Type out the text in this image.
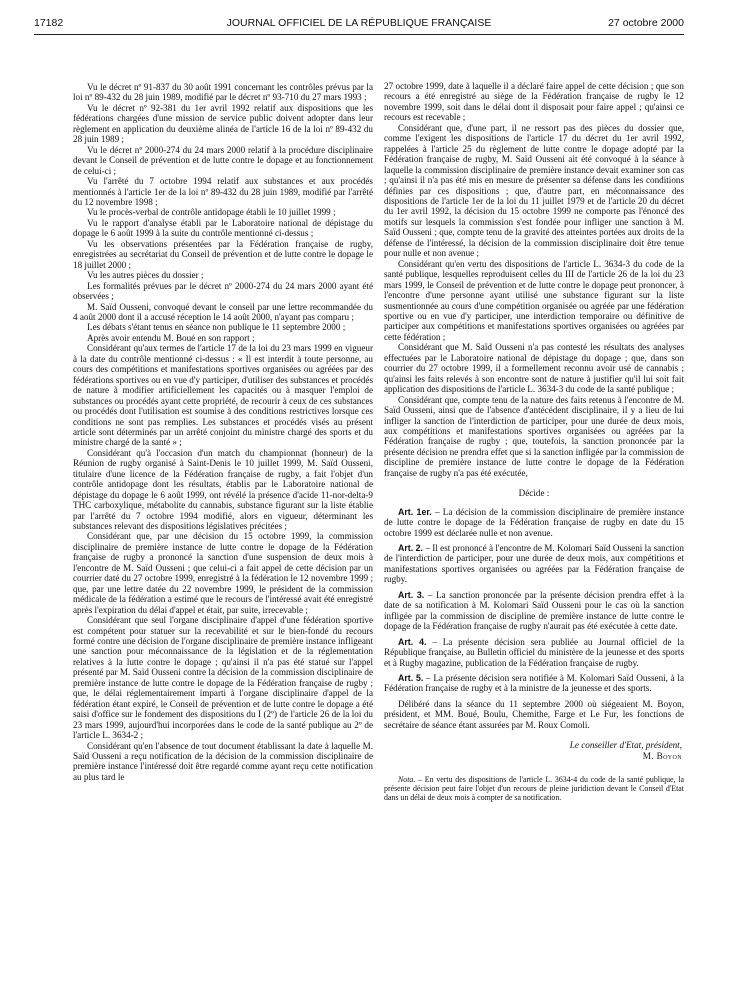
17182	JOURNAL OFFICIEL DE LA RÉPUBLIQUE FRANÇAISE	27 octobre 2000

Vu le décret nº 91-837 du 30 août 1991 concernant les contrôles prévus par la loi nº 89-432 du 28 juin 1989, modifié par le décret nº 93-710 du 27 mars 1993 ;

Vu le décret nº 92-381 du 1er avril 1992 relatif aux dispositions que les fédérations chargées d'une mission de service public doivent adopter dans leur règlement en application du deuxième alinéa de l'article 16 de la loi nº 89-432 du 28 juin 1989 ;

Vu le décret nº 2000-274 du 24 mars 2000 relatif à la procédure disciplinaire devant le Conseil de prévention et de lutte contre le dopage et au fonctionnement de celui-ci ;

Vu l'arrêté du 7 octobre 1994 relatif aux substances et aux procédés mentionnés à l'article 1er de la loi nº 89-432 du 28 juin 1989, modifié par l'arrêté du 12 novembre 1998 ;

Vu le procès-verbal de contrôle antidopage établi le 10 juillet 1999 ;

Vu le rapport d'analyse établi par le Laboratoire national de dépistage du dopage le 6 août 1999 à la suite du contrôle mentionné ci-dessus ;

Vu les observations présentées par la Fédération française de rugby, enregistrées au secrétariat du Conseil de prévention et de lutte contre le dopage le 18 juillet 2000 ;

Vu les autres pièces du dossier ;

Les formalités prévues par le décret nº 2000-274 du 24 mars 2000 ayant été observées ;

M. Saïd Ousseni, convoqué devant le conseil par une lettre recommandée du 4 août 2000 dont il a accusé réception le 14 août 2000, n'ayant pas comparu ;

Les débats s'étant tenus en séance non publique le 11 septembre 2000 ;

Après avoir entendu M. Boué en son rapport ;

Considérant qu'aux termes de l'article 17 de la loi du 23 mars 1999 en vigueur à la date du contrôle mentionné ci-dessus : « Il est interdit à toute personne, au cours des compétitions et manifestations sportives organisées ou agréées par des fédérations sportives ou en vue d'y participer, d'utiliser des substances et procédés de nature à modifier artificiellement les capacités ou à masquer l'emploi de substances ou procédés ayant cette propriété, de recourir à ceux de ces substances ou procédés dont l'utilisation est soumise à des conditions restrictives lorsque ces conditions ne sont pas remplies. Les substances et procédés visés au présent article sont déterminés par un arrêté conjoint du ministre chargé des sports et du ministre chargé de la santé » ;

Considérant qu'à l'occasion d'un match du championnat (honneur) de la Réunion de rugby organisé à Saint-Denis le 10 juillet 1999, M. Saïd Ousseni, titulaire d'une licence de la Fédération française de rugby, a fait l'objet d'un contrôle antidopage dont les résultats, établis par le Laboratoire national de dépistage du dopage le 6 août 1999, ont révélé la présence d'acide 11-nor-delta-9 THC carboxylique, métabolite du cannabis, substance figurant sur la liste établie par l'arrêté du 7 octobre 1994 modifié, alors en vigueur, déterminant les substances relevant des dispositions législatives précitées ;

Considérant que, par une décision du 15 octobre 1999, la commission disciplinaire de première instance de lutte contre le dopage de la Fédération française de rugby a prononcé la sanction d'une suspension de deux mois à l'encontre de M. Saïd Ousseni ; que celui-ci a fait appel de cette décision par un courrier daté du 27 octobre 1999, enregistré à la fédération le 12 novembre 1999 ; que, par une lettre datée du 22 novembre 1999, le président de la commission médicale de la fédération a estimé que le recours de l'intéressé avait été enregistré après l'expiration du délai d'appel et était, par suite, irrecevable ;

Considérant que seul l'organe disciplinaire d'appel d'une fédération sportive est compétent pour statuer sur la recevabilité et sur le bien-fondé du recours formé contre une décision de l'organe disciplinaire de première instance infligeant une sanction pour méconnaissance de la législation et de la réglementation relatives à la lutte contre le dopage ; qu'ainsi il n'a pas été statué sur l'appel présenté par M. Saïd Ousseni contre la décision de la commission disciplinaire de première instance de lutte contre le dopage de la Fédération française de rugby ; que, le délai réglementairement imparti à l'organe disciplinaire d'appel de la fédération étant expiré, le Conseil de prévention et de lutte contre le dopage a été saisi d'office sur le fondement des dispositions du I (2º) de l'article 26 de la loi du 23 mars 1999, aujourd'hui incorporées dans le code de la santé publique au 2º de l'article L. 3634-2 ;

Considérant qu'en l'absence de tout document établissant la date à laquelle M. Saïd Ousseni a reçu notification de la décision de la commission disciplinaire de première instance l'intéressé doit être regardé comme ayant reçu cette notification au plus tard le

27 octobre 1999, date à laquelle il a déclaré faire appel de cette décision ; que son recours a été enregistré au siège de la Fédération française de rugby le 12 novembre 1999, soit dans le délai dont il disposait pour faire appel ; qu'ainsi ce recours est recevable ;

Considérant que, d'une part, il ne ressort pas des pièces du dossier que, comme l'exigent les dispositions de l'article 17 du décret du 1er avril 1992, rappelées à l'article 25 du règlement de lutte contre le dopage adopté par la Fédération française de rugby, M. Saïd Ousseni ait été convoqué à la séance à laquelle la commission disciplinaire de première instance devait examiner son cas ; qu'ainsi il n'a pas été mis en mesure de présenter sa défense dans les conditions définies par ces dispositions ; que, d'autre part, en méconnaissance des dispositions de l'article 1er de la loi du 11 juillet 1979 et de l'article 20 du décret du 1er avril 1992, la décision du 15 octobre 1999 ne comporte pas l'énoncé des motifs sur lesquels la commission s'est fondée pour infliger une sanction à M. Saïd Ousseni ; que, compte tenu de la gravité des atteintes portées aux droits de la défense de l'intéressé, la décision de la commission disciplinaire doit être tenue pour nulle et non avenue ;

Considérant qu'en vertu des dispositions de l'article L. 3634-3 du code de la santé publique, lesquelles reproduisent celles du III de l'article 26 de la loi du 23 mars 1999, le Conseil de prévention et de lutte contre le dopage peut prononcer, à l'encontre d'une personne ayant utilisé une substance figurant sur la liste susmentionnée au cours d'une compétition organisée ou agréée par une fédération sportive ou en vue d'y participer, une interdiction temporaire ou définitive de participer aux compétitions et manifestations sportives organisées ou agréées par cette fédération ;

Considérant que M. Saïd Ousseni n'a pas contesté les résultats des analyses effectuées par le Laboratoire national de dépistage du dopage ; que, dans son courrier du 27 octobre 1999, il a formellement reconnu avoir usé de cannabis ; qu'ainsi les faits relevés à son encontre sont de nature à justifier qu'il lui soit fait application des dispositions de l'article L. 3634-3 du code de la santé publique ;

Considérant que, compte tenu de la nature des faits retenus à l'encontre de M. Saïd Ousseni, ainsi que de l'absence d'antécédent disciplinaire, il y a lieu de lui infliger la sanction de l'interdiction de participer, pour une durée de deux mois, aux compétitions et manifestations sportives organisées ou agréées par la Fédération française de rugby ; que, toutefois, la sanction prononcée par la présente décision ne prendra effet que si la sanction infligée par la commission de discipline de première instance de lutte contre le dopage de la Fédération française de rugby n'a pas été exécutée,

Décide :

Art. 1er. – La décision de la commission disciplinaire de première instance de lutte contre le dopage de la Fédération française de rugby en date du 15 octobre 1999 est déclarée nulle et non avenue.

Art. 2. – Il est prononcé à l'encontre de M. Kolomari Saïd Ousseni la sanction de l'interdiction de participer, pour une durée de deux mois, aux compétitions et manifestations sportives organisées ou agréées par la Fédération française de rugby.

Art. 3. – La sanction prononcée par la présente décision prendra effet à la date de sa notification à M. Kolomari Saïd Ousseni pour le cas où la sanction infligée par la commission de discipline de première instance de lutte contre le dopage de la Fédération française de rugby n'aurait pas été exécutée à cette date.

Art. 4. – La présente décision sera publiée au Journal officiel de la République française, au Bulletin officiel du ministère de la jeunesse et des sports et à Rugby magazine, publication de la Fédération française de rugby.

Art. 5. – La présente décision sera notifiée à M. Kolomari Saïd Ousseni, à la Fédération française de rugby et à la ministre de la jeunesse et des sports.

Délibéré dans la séance du 11 septembre 2000 où siégeaient M. Boyon, président, et MM. Boué, Boulu, Chemithe, Farge et Le Fur, les fonctions de secrétaire de séance étant assurées par M. Roux Comoli.

Le conseiller d'Etat, président,

M. Boyon

Nota. – En vertu des dispositions de l'article L. 3634-4 du code de la santé publique, la présente décision peut faire l'objet d'un recours de pleine juridiction devant le Conseil d'Etat dans un délai de deux mois à compter de sa notification.
